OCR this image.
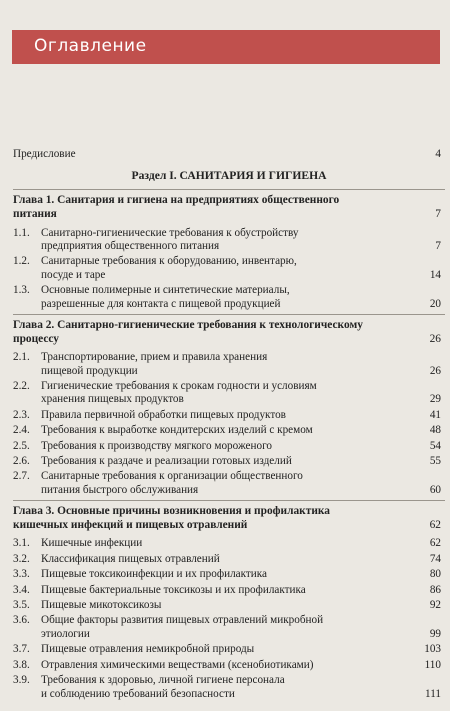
Оглавление
Предисловие	4
Раздел I. САНИТАРИЯ И ГИГИЕНА
Глава 1. Санитария и гигиена на предприятиях общественного
питания	7
1.1. Санитарно-гигиенические требования к обустройству
предприятия общественного питания	7
1.2. Санитарные требования к оборудованию, инвентарю,
посуде и таре	14
1.3. Основные полимерные и синтетические материалы,
разрешенные для контакта с пищевой продукцией	20
Глава 2. Санитарно-гигиенические требования к технологическому
процессу	26
2.1. Транспортирование, прием и правила хранения
пищевой продукции	26
2.2. Гигиенические требования к срокам годности и условиям
хранения пищевых продуктов	29
2.3. Правила первичной обработки пищевых продуктов	41
2.4. Требования к выработке кондитерских изделий с кремом	48
2.5. Требования к производству мягкого мороженого	54
2.6. Требования к раздаче и реализации готовых изделий	55
2.7. Санитарные требования к организации общественного
питания быстрого обслуживания	60
Глава 3. Основные причины возникновения и профилактика
кишечных инфекций и пищевых отравлений	62
3.1. Кишечные инфекции	62
3.2. Классификация пищевых отравлений	74
3.3. Пищевые токсикоинфекции и их профилактика	80
3.4. Пищевые бактериальные токсикозы и их профилактика	86
3.5. Пищевые микотоксикозы	92
3.6. Общие факторы развития пищевых отравлений микробной
этиологии	99
3.7. Пищевые отравления немикробной природы	103
3.8. Отравления химическими веществами (ксенобиотиками)	110
3.9. Требования к здоровью, личной гигиене персонала
и соблюдению требований безопасности	111
